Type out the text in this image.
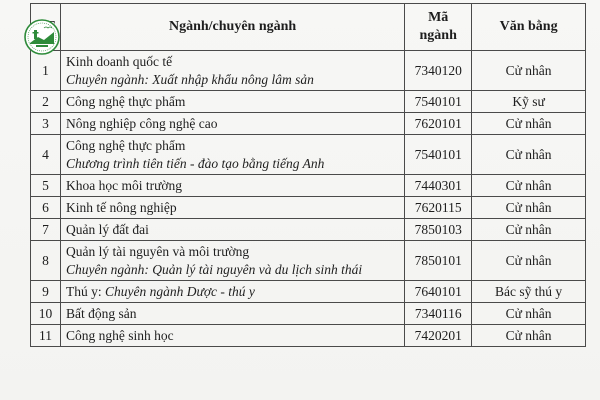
	Ngành/chuyên ngành	Mã
ngành	Văn bằng
1	Kinh doanh quốc tế
Chuyên ngành: Xuất nhập khẩu nông lâm sản	7340120	Cử nhân
2	Công nghệ thực phẩm	7540101	Kỹ sư
3	Nông nghiệp công nghệ cao	7620101	Cử nhân
4	Công nghệ thực phẩm
Chương trình tiên tiến - đào tạo bằng tiếng Anh	7540101	Cử nhân
5	Khoa học môi trường	7440301	Cử nhân
6	Kinh tế nông nghiệp	7620115	Cử nhân
7	Quản lý đất đai	7850103	Cử nhân
8	Quản lý tài nguyên và môi trường
Chuyên ngành: Quản lý tài nguyên và du lịch sinh thái	7850101	Cử nhân
9	Thú y: Chuyên ngành Dược - thú y	7640101	Bác sỹ thú y
10	Bất động sản	7340116	Cử nhân
11	Công nghệ sinh học	7420201	Cử nhân
